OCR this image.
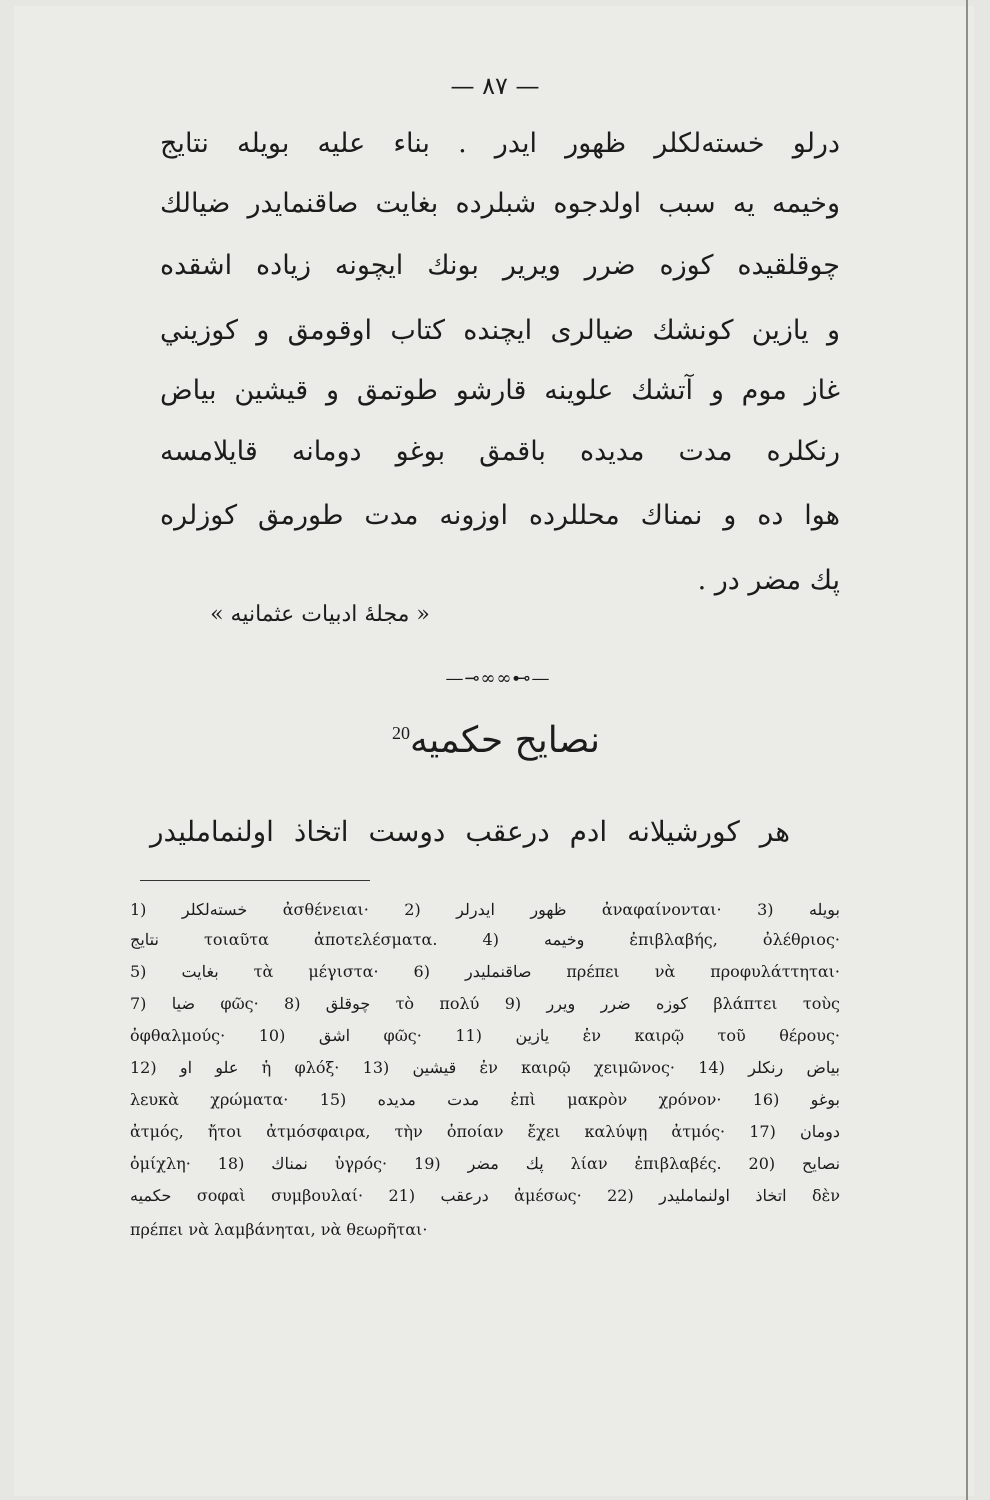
— ٨٧ —
درلو خستەلكلر ظهور ايدر . بناء عليه بويله نتايج
وخيمه يه سبب اولدجوه شبلرده بغايت صاقنمايدر ضيالك
چوقلقيده كوزه ضرر ويرير بونك ايچونه زياده اشقده
و يازين كونشك ضيالرى ايچنده كتاب اوقومق و كوزيني
غاز موم و آتشك علوينه قارشو طوتمق و قيشين بياض
رنكلره مدت مديده باقمق بوغو دومانه قايلامسه
هوا ده و نمناك محللرده اوزونه مدت طورمق كوزلره
پك مضر در .
« مجلهٔ ادبيات عثمانيه »
—⊸∞∞⊷—
نصايح حكميه$^{20}$
هر كورشيلانه ادم درعقب دوست اتخاذ اولنمامليدر
1) خستەلكلر ἀσθένειαι· 2) ظهور ايدرلر ἀναφαίνονται· 3) بويله
نتايج τοιαῦτα ἀποτελέσματα. 4) وخيمه ἐπιβλαβής, ὀλέθριος·
5) بغايت τὰ μέγιστα· 6) صاقنمليدر πρέπει νὰ προφυλάττηται·
7) ضيا φῶς· 8) چوقلق τὸ πολύ 9) كوزه ضرر ويرر βλάπτει τοὺς
ὀφθαλμούς· 10) اشق φῶς· 11) يازين ἐν καιρῷ τοῦ θέρους·
12) علو او ἡ φλόξ· 13) قيشين ἐν καιρῷ χειμῶνος· 14) بياض رنكلر
λευκὰ χρώματα· 15) مدت مديده ἐπὶ μακρὸν χρόνον· 16) بوغو
ἀτμός, ἤτοι ἀτμόσφαιρα, τὴν ὁποίαν ἔχει καλύψῃ ἀτμός· 17) دومان
ὁμίχλη· 18) نمناك ὑγρός· 19) پك مضر λίαν ἐπιβλαβές. 20) نصايح
حكميه σοφαὶ συμβουλαί· 21) درعقب ἀμέσως· 22) اتخاذ اولنمامليدر δὲν
πρέπει νὰ λαμβάνηται, νὰ θεωρῆται·
